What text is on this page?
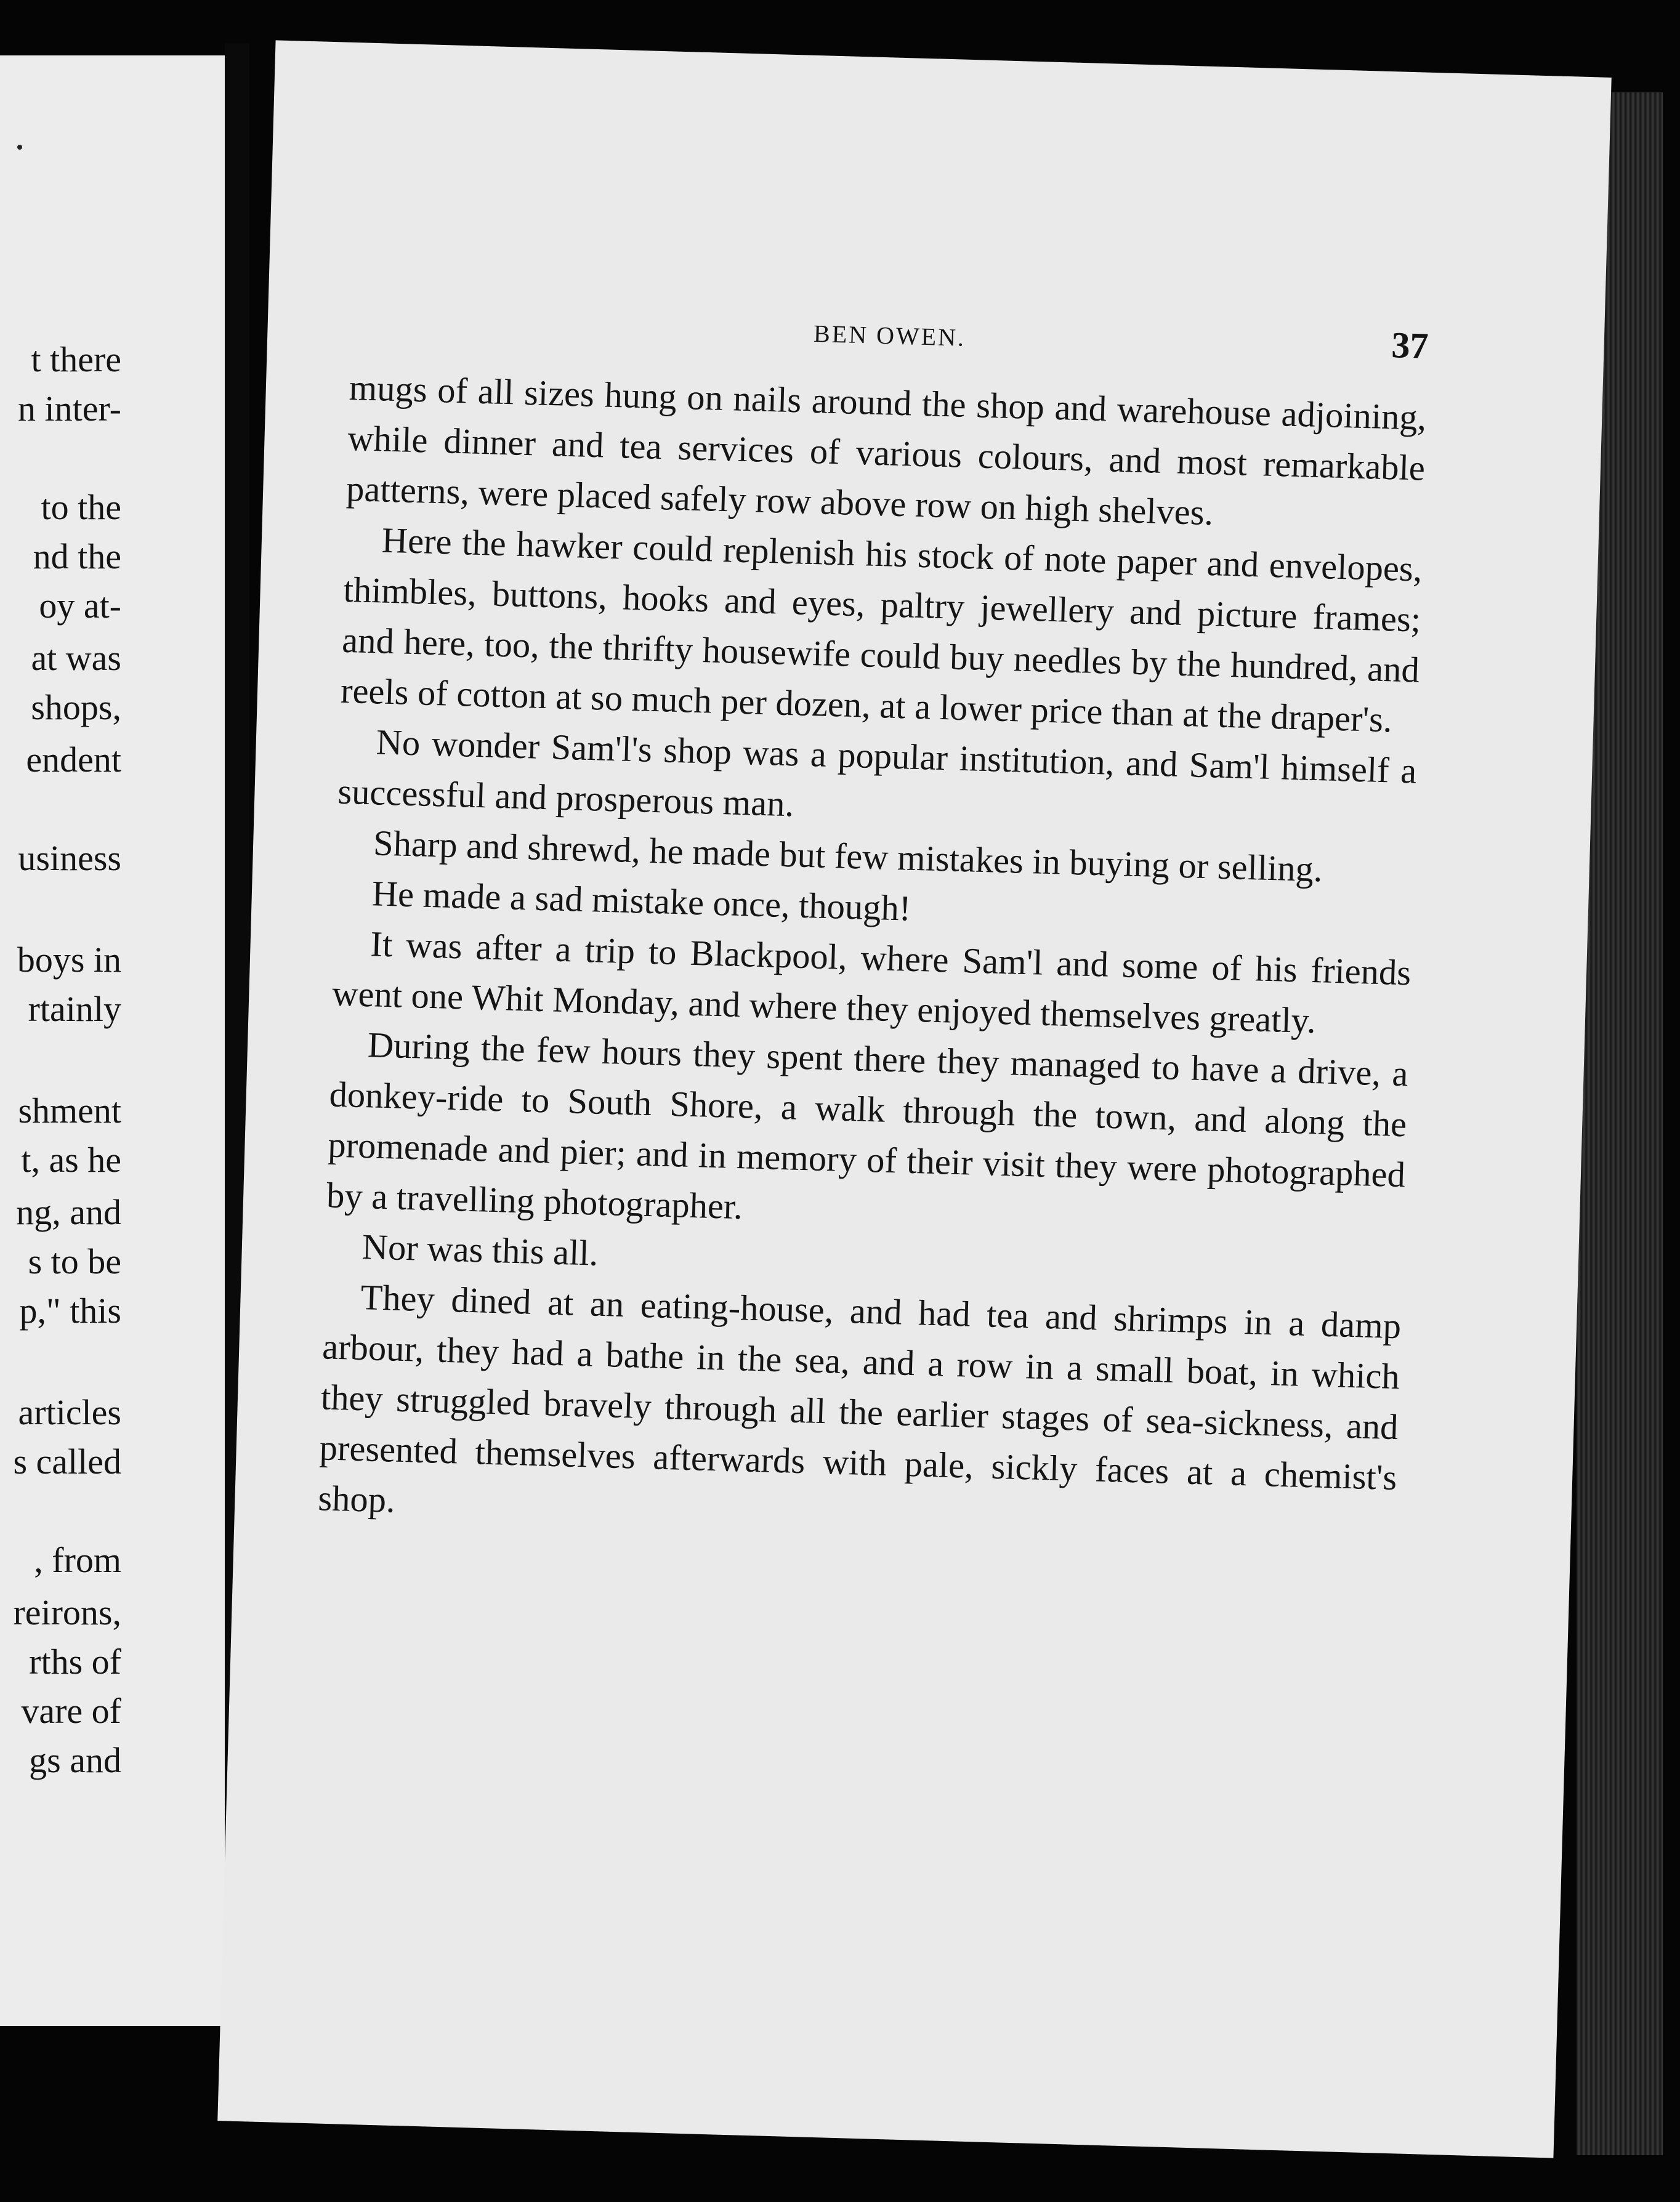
t there
n inter-
to the
nd the
oy at-
at was
shops,
endent
usiness
boys in
rtainly
shment
t, as he
ng, and
s to be
p," this
articles
s called
, from
reirons,
rths of
vare of
gs and
BEN OWEN.	37

mugs of all sizes hung on nails around the shop and warehouse adjoining, while dinner and tea services of various colours, and most remarkable patterns, were placed safely row above row on high shelves.

Here the hawker could replenish his stock of note paper and envelopes, thimbles, buttons, hooks and eyes, paltry jewellery and picture frames; and here, too, the thrifty housewife could buy needles by the hundred, and reels of cotton at so much per dozen, at a lower price than at the draper's.

No wonder Sam'l's shop was a popular institution, and Sam'l himself a successful and prosperous man.

Sharp and shrewd, he made but few mistakes in buying or selling.

He made a sad mistake once, though!

It was after a trip to Blackpool, where Sam'l and some of his friends went one Whit Monday, and where they enjoyed themselves greatly.

During the few hours they spent there they managed to have a drive, a donkey-ride to South Shore, a walk through the town, and along the promenade and pier; and in memory of their visit they were photographed by a travelling photographer.

Nor was this all.

They dined at an eating-house, and had tea and shrimps in a damp arbour, they had a bathe in the sea, and a row in a small boat, in which they struggled bravely through all the earlier stages of sea-sickness, and presented themselves afterwards with pale, sickly faces at a chemist's shop.
